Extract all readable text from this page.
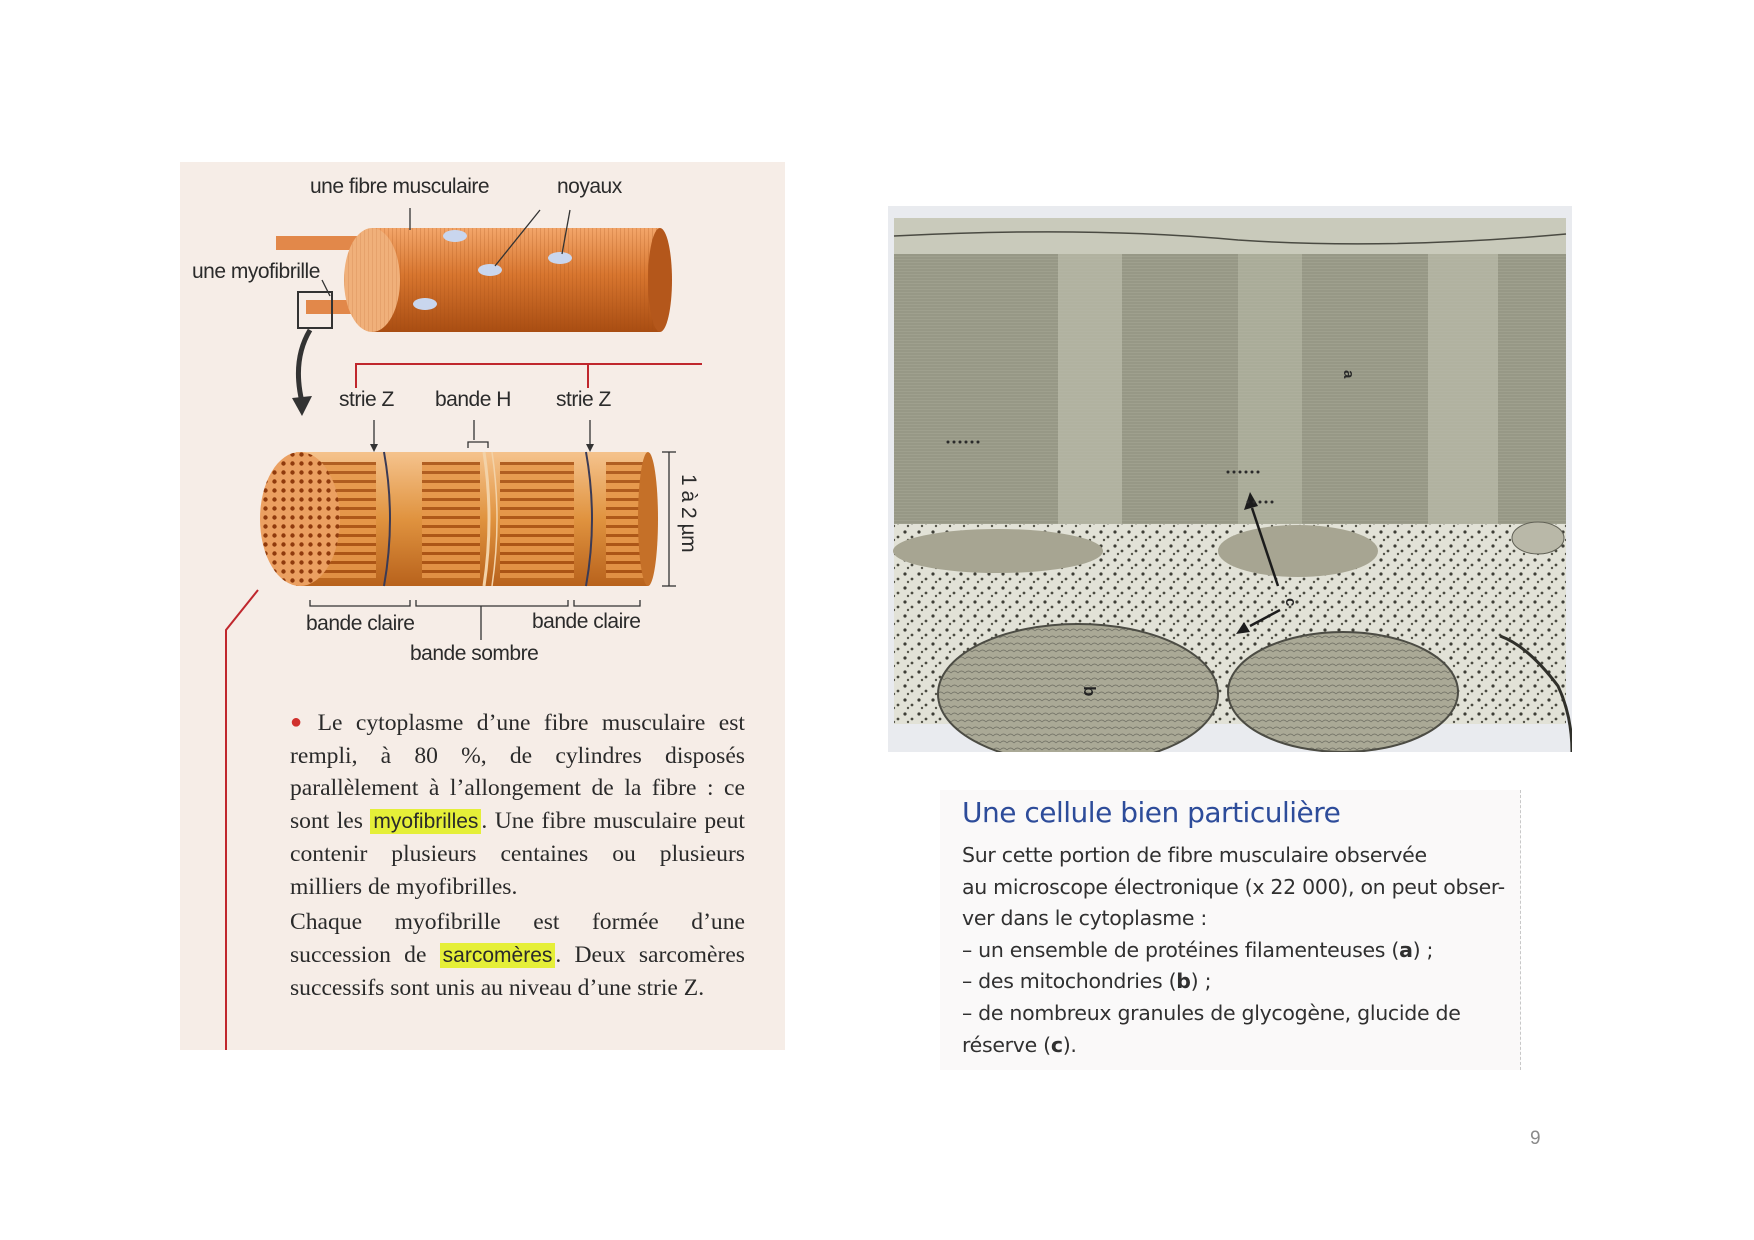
une fibre musculaire	noyaux
une myofibrille
strie Z bande H strie Z
1 à 2 µm
bande claire	bande claire
bande sombre

● Le cytoplasme d’une fibre musculaire est rempli, à 80 %, de cylindres disposés parallèlement à l’allongement de la fibre : ce sont les myofibrilles . Une fibre musculaire peut contenir plusieurs centaines ou plusieurs milliers de myofibrilles.

Chaque myofibrille est formée d’une succession de sarcomères . Deux sarcomères successifs sont unis au niveau d’une strie Z.

a
b
c
Une cellule bien particulière
Sur cette portion de fibre musculaire observée
au microscope électronique (x 22 000), on peut obser-
ver dans le cytoplasme :
– un ensemble de protéines filamenteuses (a) ;
– des mitochondries (b) ;
– de nombreux granules de glycogène, glucide de
réserve (c).
9
